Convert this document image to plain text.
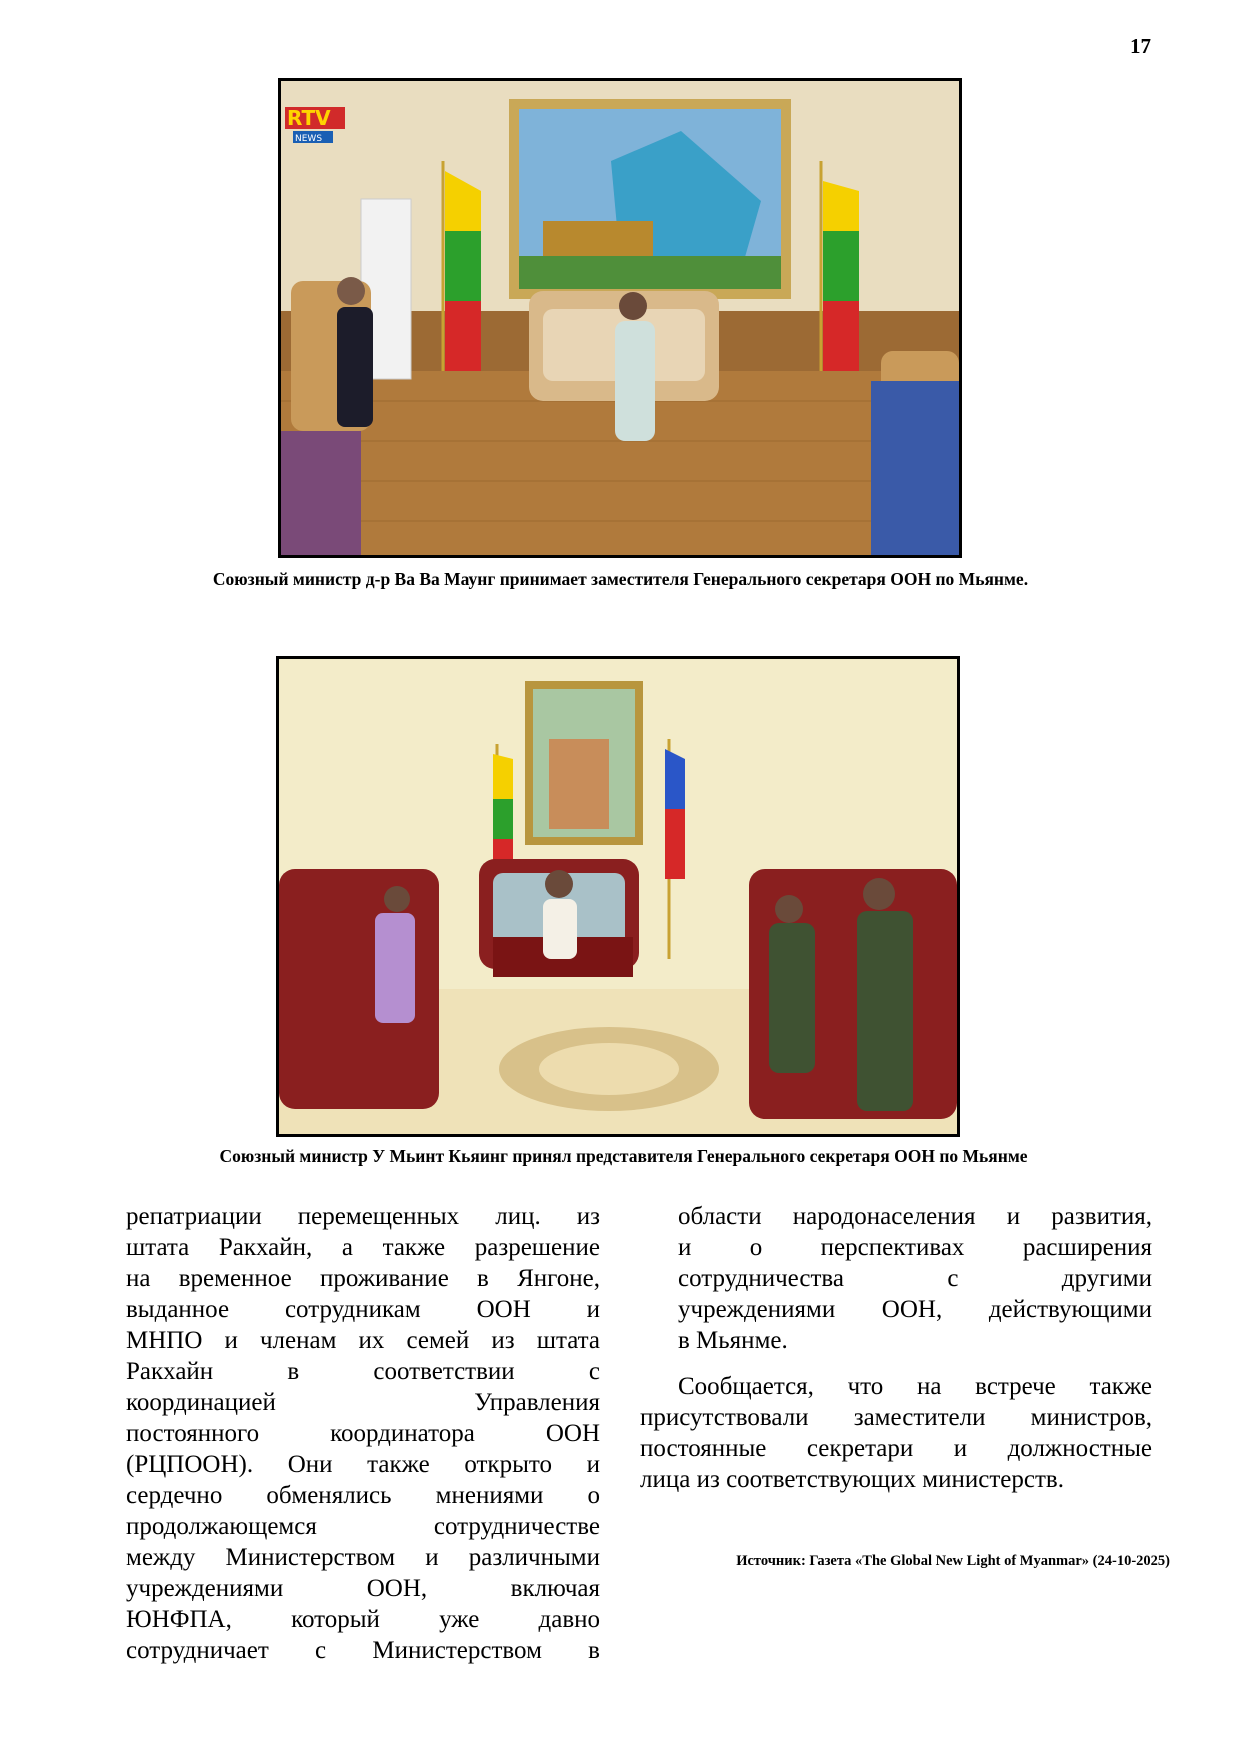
17
RTV
NEWS
Союзный министр д-р Ва Ва Маунг принимает заместителя Генерального секретаря ООН по Мьянме.
Союзный министр У Мьинт Кьяинг принял представителя Генерального секретаря ООН по Мьянме
репатриации перемещенных лиц. из
штата Ракхайн, а также разрешение
на временное проживание в Янгоне,
выданное сотрудникам ООН и
МНПО и членам их семей из штата
Ракхайн в соответствии с
координацией Управления
постоянного координатора ООН
(РЦПООН). Они также открыто и
сердечно обменялись мнениями о
продолжающемся сотрудничестве
между Министерством и различными
учреждениями ООН, включая
ЮНФПА, который уже давно
сотрудничает с Министерством в
области народонаселения и развития,
и о перспективах расширения
сотрудничества с другими
учреждениями ООН, действующими
в Мьянме.
Сообщается, что на встрече также
присутствовали заместители министров,
постоянные секретари и должностные
лица из соответствующих министерств.
Источник: Газета «The Global New Light of Myanmar» (24-10-2025)
